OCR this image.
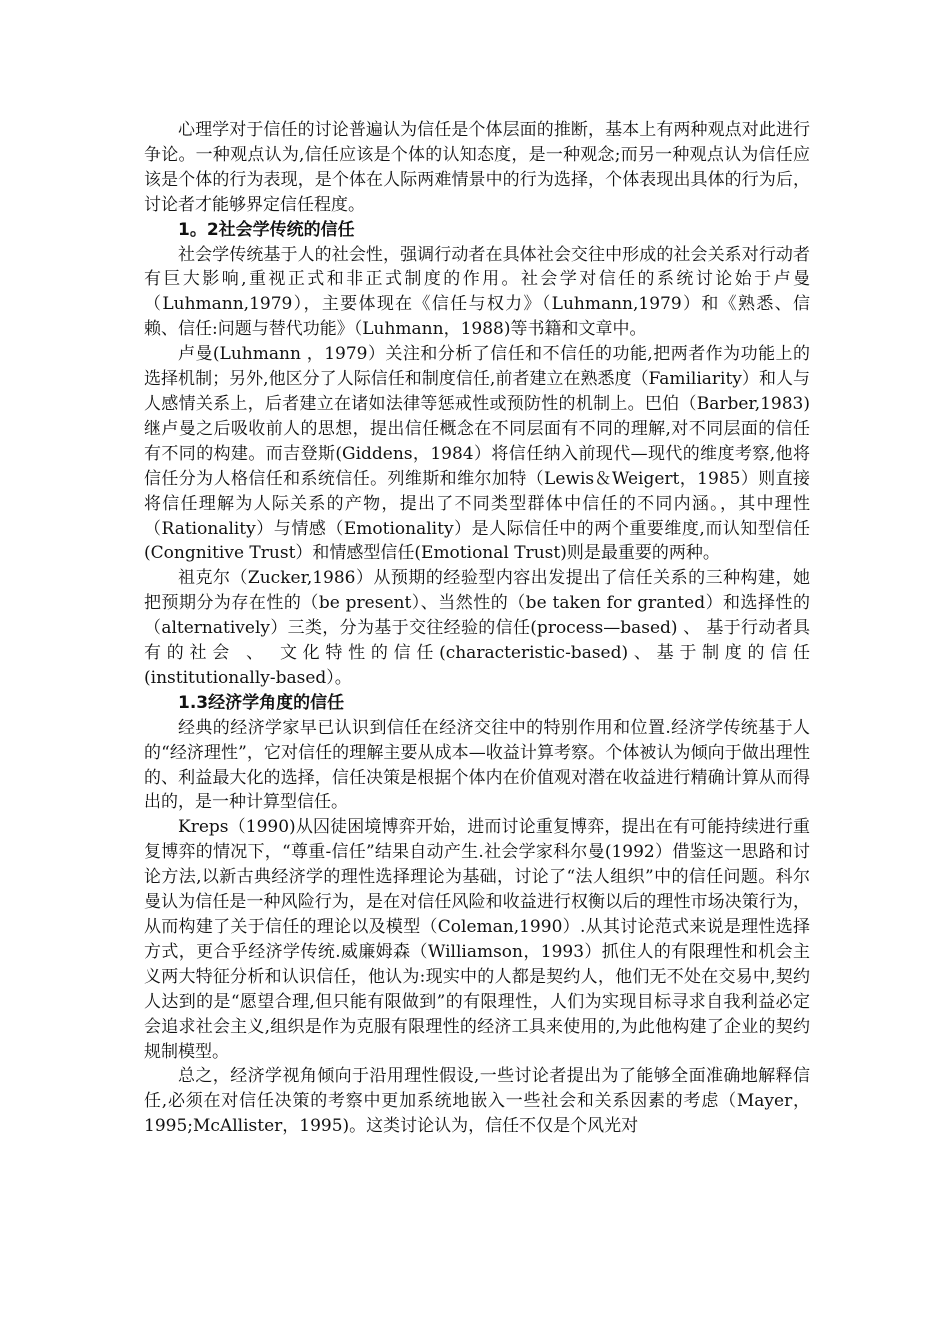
心理学对于信任的讨论普遍认为信任是个体层面的推断，基本上有两种观点对此进行争论。一种观点认为,信任应该是个体的认知态度，是一种观念;而另一种观点认为信任应该是个体的行为表现，是个体在人际两难情景中的行为选择，个体表现出具体的行为后，讨论者才能够界定信任程度。

1。2社会学传统的信任

社会学传统基于人的社会性，强调行动者在具体社会交往中形成的社会关系对行动者有巨大影响,重视正式和非正式制度的作用。社会学对信任的系统讨论始于卢曼（Luhmann,1979），主要体现在《信任与权力》（Luhmann,1979）和《熟悉、信赖、信任:问题与替代功能》（Luhmann，1988)等书籍和文章中。

卢曼(Luhmann ，1979）关注和分析了信任和不信任的功能,把两者作为功能上的选择机制；另外,他区分了人际信任和制度信任,前者建立在熟悉度（Familiarity）和人与人感情关系上，后者建立在诸如法律等惩戒性或预防性的机制上。巴伯（Barber,1983)继卢曼之后吸收前人的思想，提出信任概念在不同层面有不同的理解,对不同层面的信任有不同的构建。而吉登斯(Giddens，1984）将信任纳入前现代—现代的维度考察,他将信任分为人格信任和系统信任。列维斯和维尔加特（Lewis＆Weigert，1985）则直接将信任理解为人际关系的产物，提出了不同类型群体中信任的不同内涵。，其中理性（Rationality）与情感（Emotionality）是人际信任中的两个重要维度,而认知型信任(Congnitive Trust）和情感型信任(Emotional Trust)则是最重要的两种。

祖克尔（Zucker,1986）从预期的经验型内容出发提出了信任关系的三种构建，她把预期分为存在性的（be present）、当然性的（be taken for granted）和选择性的（alternatively）三类，分为基于交往经验的信任(process—based) 、 基于行动者具有的社会 、 文化特性的信任(characteristic-based)、基于制度的信任(institutionally-based）。

1.3经济学角度的信任

经典的经济学家早已认识到信任在经济交往中的特别作用和位置.经济学传统基于人的“经济理性”，它对信任的理解主要从成本—收益计算考察。个体被认为倾向于做出理性的、利益最大化的选择，信任决策是根据个体内在价值观对潜在收益进行精确计算从而得出的，是一种计算型信任。

Kreps（1990)从囚徒困境博弈开始，进而讨论重复博弈，提出在有可能持续进行重复博弈的情况下，“尊重-信任”结果自动产生.社会学家科尔曼(1992）借鉴这一思路和讨论方法,以新古典经济学的理性选择理论为基础，讨论了“法人组织”中的信任问题。科尔曼认为信任是一种风险行为，是在对信任风险和收益进行权衡以后的理性市场决策行为，从而构建了关于信任的理论以及模型（Coleman,1990）.从其讨论范式来说是理性选择方式，更合乎经济学传统.威廉姆森（Williamson，1993）抓住人的有限理性和机会主义两大特征分析和认识信任，他认为:现实中的人都是契约人，他们无不处在交易中,契约人达到的是“愿望合理,但只能有限做到”的有限理性，人们为实现目标寻求自我利益必定会追求社会主义,组织是作为克服有限理性的经济工具来使用的,为此他构建了企业的契约规制模型。

总之，经济学视角倾向于沿用理性假设,一些讨论者提出为了能够全面准确地解释信任,必须在对信任决策的考察中更加系统地嵌入一些社会和关系因素的考虑（Mayer，1995;McAllister，1995)。这类讨论认为，信任不仅是个风光对
